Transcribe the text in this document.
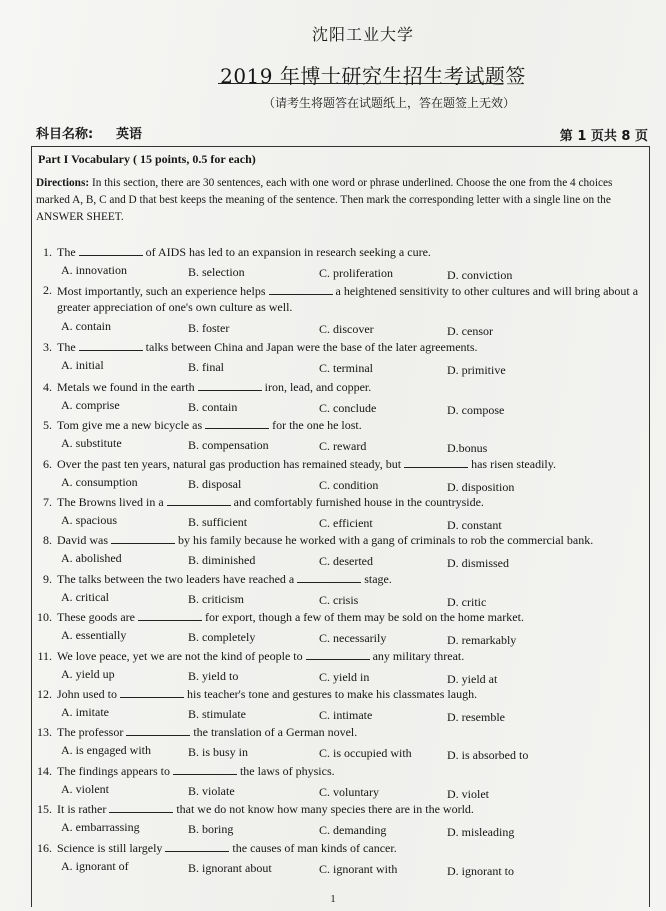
沈阳工业大学
2019 年博士研究生招生考试题签
（请考生将题答在试题纸上，答在题签上无效）
科目名称: 英语	第 1 页共 8 页
Part I Vocabulary ( 15 points, 0.5 for each)
Directions: In this section, there are 30 sentences, each with one word or phrase underlined. Choose the one from the 4 choices marked A, B, C and D that best keeps the meaning of the sentence. Then mark the corresponding letter with a single line on the ANSWER SHEET.
1. The	of AIDS has led to an expansion in research seeking a cure.
A. innovation	B. selection	C. proliferation	D. conviction
2. Most importantly, such an experience helps	a heightened sensitivity to other cultures and will bring about a greater appreciation of one's own culture as well.
A. contain	B. foster	C. discover	D. censor
3. The	talks between China and Japan were the base of the later agreements.
A. initial	B. final	C. terminal	D. primitive
4. Metals we found in the earth	iron, lead, and copper.
A. comprise	B. contain	C. conclude	D. compose
5. Tom give me a new bicycle as	for the one he lost.
A. substitute	B. compensation	C. reward	D.bonus
6. Over the past ten years, natural gas production has remained steady, but	has risen steadily.
A. consumption	B. disposal	C. condition	D. disposition
7. The Browns lived in a	and comfortably furnished house in the countryside.
A. spacious	B. sufficient	C. efficient	D. constant
8. David was	by his family because he worked with a gang of criminals to rob the commercial bank.
A. abolished	B. diminished	C. deserted	D. dismissed
9. The talks between the two leaders have reached a	stage.
A. critical	B. criticism	C. crisis	D. critic
10. These goods are	for export, though a few of them may be sold on the home market.
A. essentially	B. completely	C. necessarily	D. remarkably
11. We love peace, yet we are not the kind of people to	any military threat.
A. yield up	B. yield to	C. yield in	D. yield at
12. John used to	his teacher's tone and gestures to make his classmates laugh.
A. imitate	B. stimulate	C. intimate	D. resemble
13. The professor	the translation of a German novel.
A. is engaged with	B. is busy in	C. is occupied with	D. is absorbed to
14. The findings appears to	the laws of physics.
A. violent	B. violate	C. voluntary	D. violet
15. It is rather	that we do not know how many species there are in the world.
A. embarrassing	B. boring	C. demanding	D. misleading
16. Science is still largely	the causes of man kinds of cancer.
A. ignorant of	B. ignorant about	C. ignorant with	D. ignorant to
1
